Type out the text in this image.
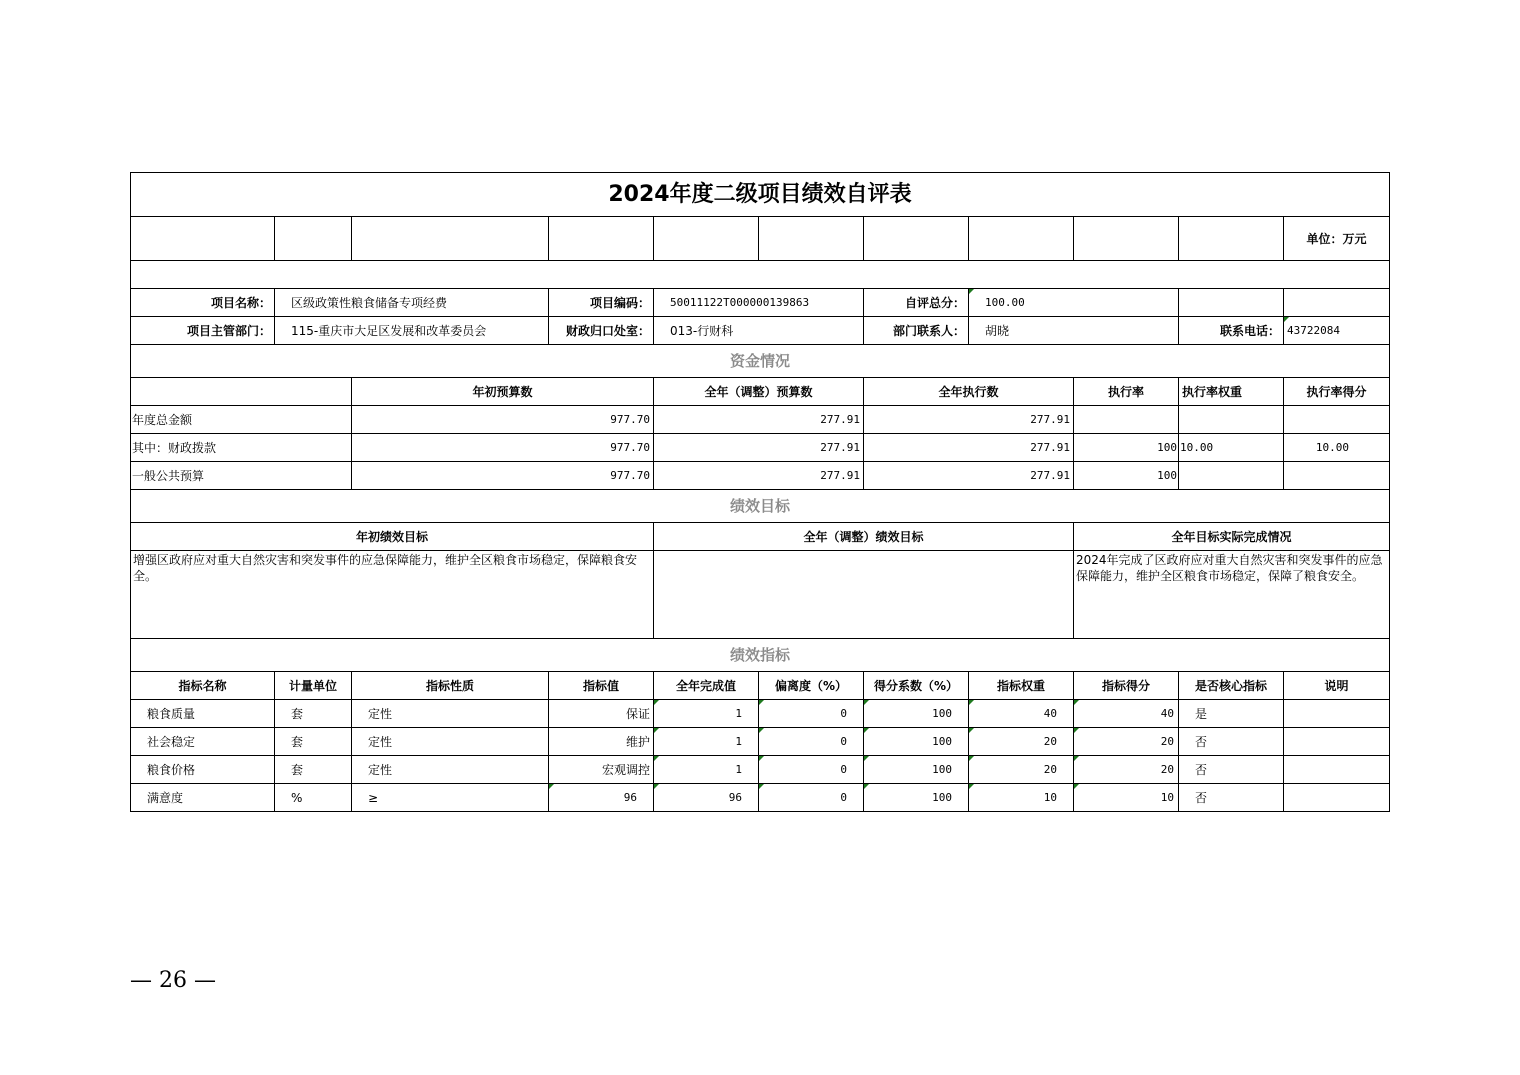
2024年度二级项目绩效自评表										
										单位：万元

项目名称：	区级政策性粮食储备专项经费		项目编码：	50011122T000000139863		自评总分：	100.00			
项目主管部门：	115-重庆市大足区发展和改革委员会		财政归口处室：	013-行财科		部门联系人：	胡晓		联系电话：	43722084
资金情况										
		年初预算数		全年（调整）预算数		全年执行数		执行率	执行率权重	执行率得分
年度总金额		977.70		277.91		277.91				
其中：财政拨款		977.70		277.91		277.91		100	10.00	10.00
一般公共预算		977.70		277.91		277.91		100		
绩效目标										
年初绩效目标				全年（调整）绩效目标				全年目标实际完成情况		
增强区政府应对重大自然灾害和突发事件的应急保障能力，维护全区粮食市场稳定，保障粮食安全。								2024年完成了区政府应对重大自然灾害和突发事件的应急保障能力，维护全区粮食市场稳定，保障了粮食安全。		
绩效指标										
指标名称	计量单位	指标性质	指标值	全年完成值	偏离度（%）	得分系数（%）	指标权重	指标得分	是否核心指标	说明
粮食质量	套	定性	保证	1	0	100	40	40	是	
社会稳定	套	定性	维护	1	0	100	20	20	否	
粮食价格	套	定性	宏观调控	1	0	100	20	20	否	
满意度	%	≥	96	96	0	100	10	10	否	
— 26 —
